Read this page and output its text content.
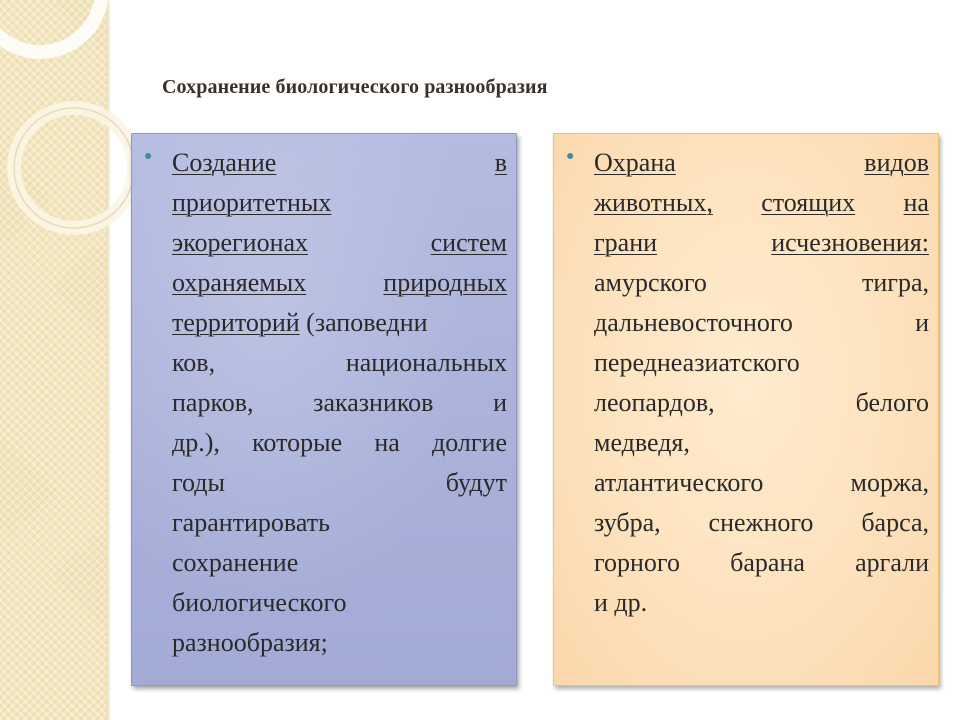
Сохранение биологического разнообразия
● Создание	в
приоритетных
экорегионах	систем
охраняемых	природных
территорий (заповедни
ков,	национальных
парков, заказников и
др.), которые на долгие
годы	будут
гарантировать
сохранение
биологического
разнообразия;
● Охрана	видов
животных, стоящих на
грани	исчезновения:
амурского	тигра,
дальневосточного	и
переднеазиатского
леопардов,	белого
медведя,
атлантического	моржа,
зубра, снежного барса,
горного барана аргали
и др.
